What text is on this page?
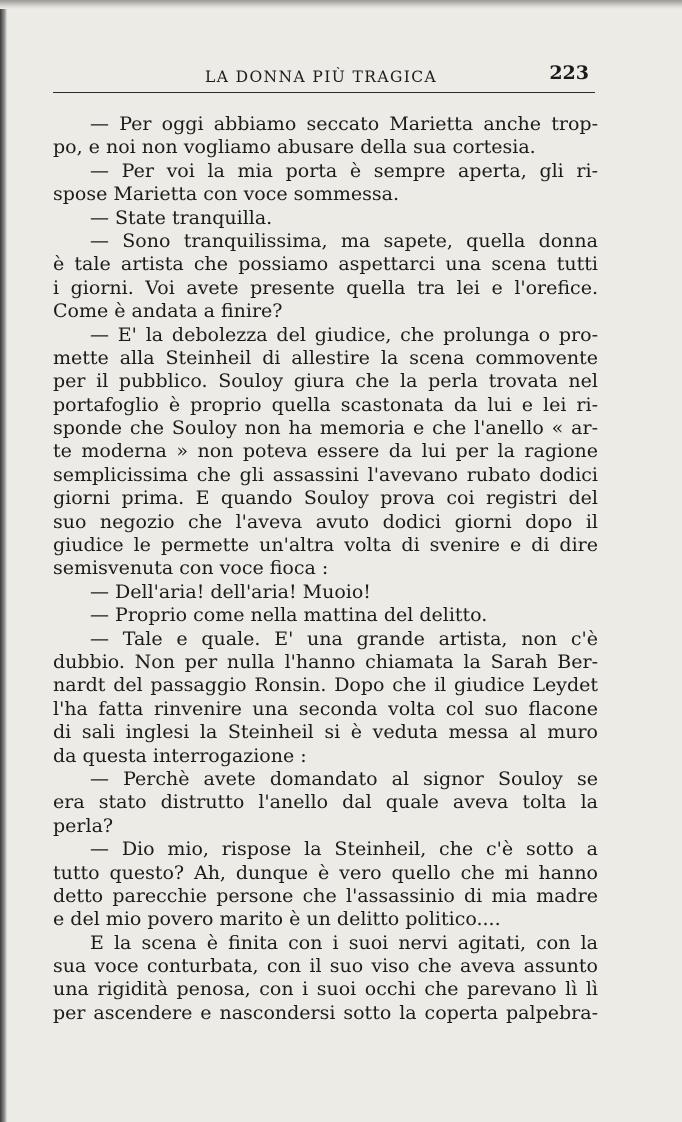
LA DONNA PIÙ TRAGICA	223
— Per oggi abbiamo seccato Marietta anche trop-
po, e noi non vogliamo abusare della sua cortesia.
— Per voi la mia porta è sempre aperta, gli ri-
spose Marietta con voce sommessa.
— State tranquilla.
— Sono tranquilissima, ma sapete, quella donna
è tale artista che possiamo aspettarci una scena tutti
i giorni. Voi avete presente quella tra lei e l'orefice.
Come è andata a finire?
— E' la debolezza del giudice, che prolunga o pro-
mette alla Steinheil di allestire la scena commovente
per il pubblico. Souloy giura che la perla trovata nel
portafoglio è proprio quella scastonata da lui e lei ri-
sponde che Souloy non ha memoria e che l'anello « ar-
te moderna » non poteva essere da lui per la ragione
semplicissima che gli assassini l'avevano rubato dodici
giorni prima. E quando Souloy prova coi registri del
suo negozio che l'aveva avuto dodici giorni dopo il
giudice le permette un'altra volta di svenire e di dire
semisvenuta con voce fioca :
— Dell'aria! dell'aria! Muoio!
— Proprio come nella mattina del delitto.
— Tale e quale. E' una grande artista, non c'è
dubbio. Non per nulla l'hanno chiamata la Sarah Ber-
nardt del passaggio Ronsin. Dopo che il giudice Leydet
l'ha fatta rinvenire una seconda volta col suo flacone
di sali inglesi la Steinheil si è veduta messa al muro
da questa interrogazione :
— Perchè avete domandato al signor Souloy se
era stato distrutto l'anello dal quale aveva tolta la
perla?
— Dio mio, rispose la Steinheil, che c'è sotto a
tutto questo? Ah, dunque è vero quello che mi hanno
detto parecchie persone che l'assassinio di mia madre
e del mio povero marito è un delitto politico....
E la scena è finita con i suoi nervi agitati, con la
sua voce conturbata, con il suo viso che aveva assunto
una rigidità penosa, con i suoi occhi che parevano lì lì
per ascendere e nascondersi sotto la coperta palpebra-
